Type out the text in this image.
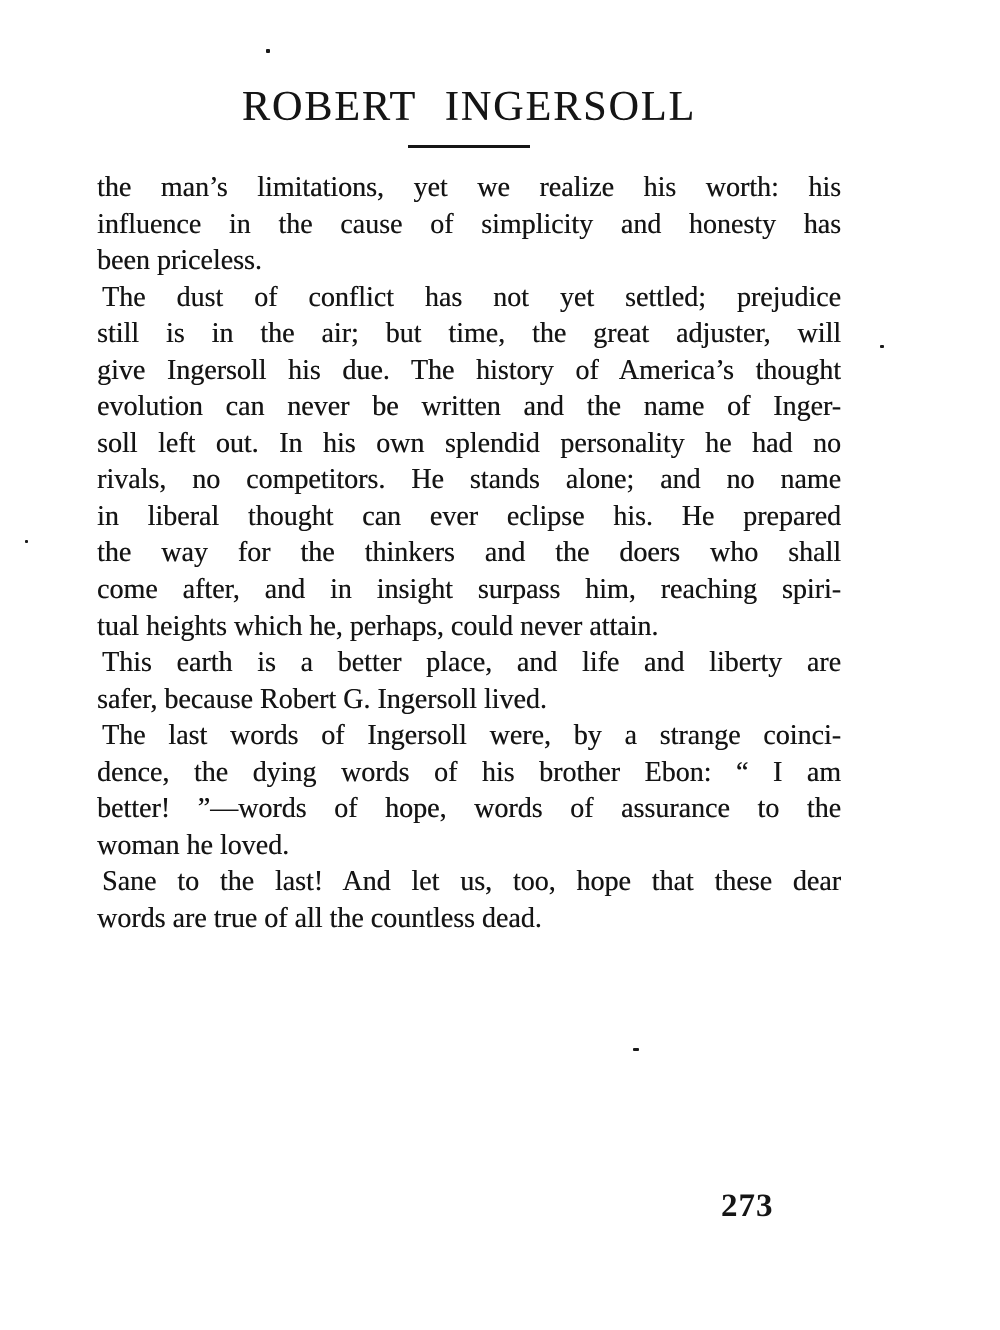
ROBERT INGERSOLL
the man’s limitations, yet we realize his worth: his
influence in the cause of simplicity and honesty has
been priceless.
The dust of conflict has not yet settled; prejudice
still is in the air; but time, the great adjuster, will
give Ingersoll his due. The history of America’s thought
evolution can never be written and the name of Inger-
soll left out. In his own splendid personality he had no
rivals, no competitors. He stands alone; and no name
in liberal thought can ever eclipse his. He prepared
the way for the thinkers and the doers who shall
come after, and in insight surpass him, reaching spiri-
tual heights which he, perhaps, could never attain.
This earth is a better place, and life and liberty are
safer, because Robert G. Ingersoll lived.
The last words of Ingersoll were, by a strange coinci-
dence, the dying words of his brother Ebon: “ I am
better! ”—words of hope, words of assurance to the
woman he loved.
Sane to the last! And let us, too, hope that these dear
words are true of all the countless dead.
273
